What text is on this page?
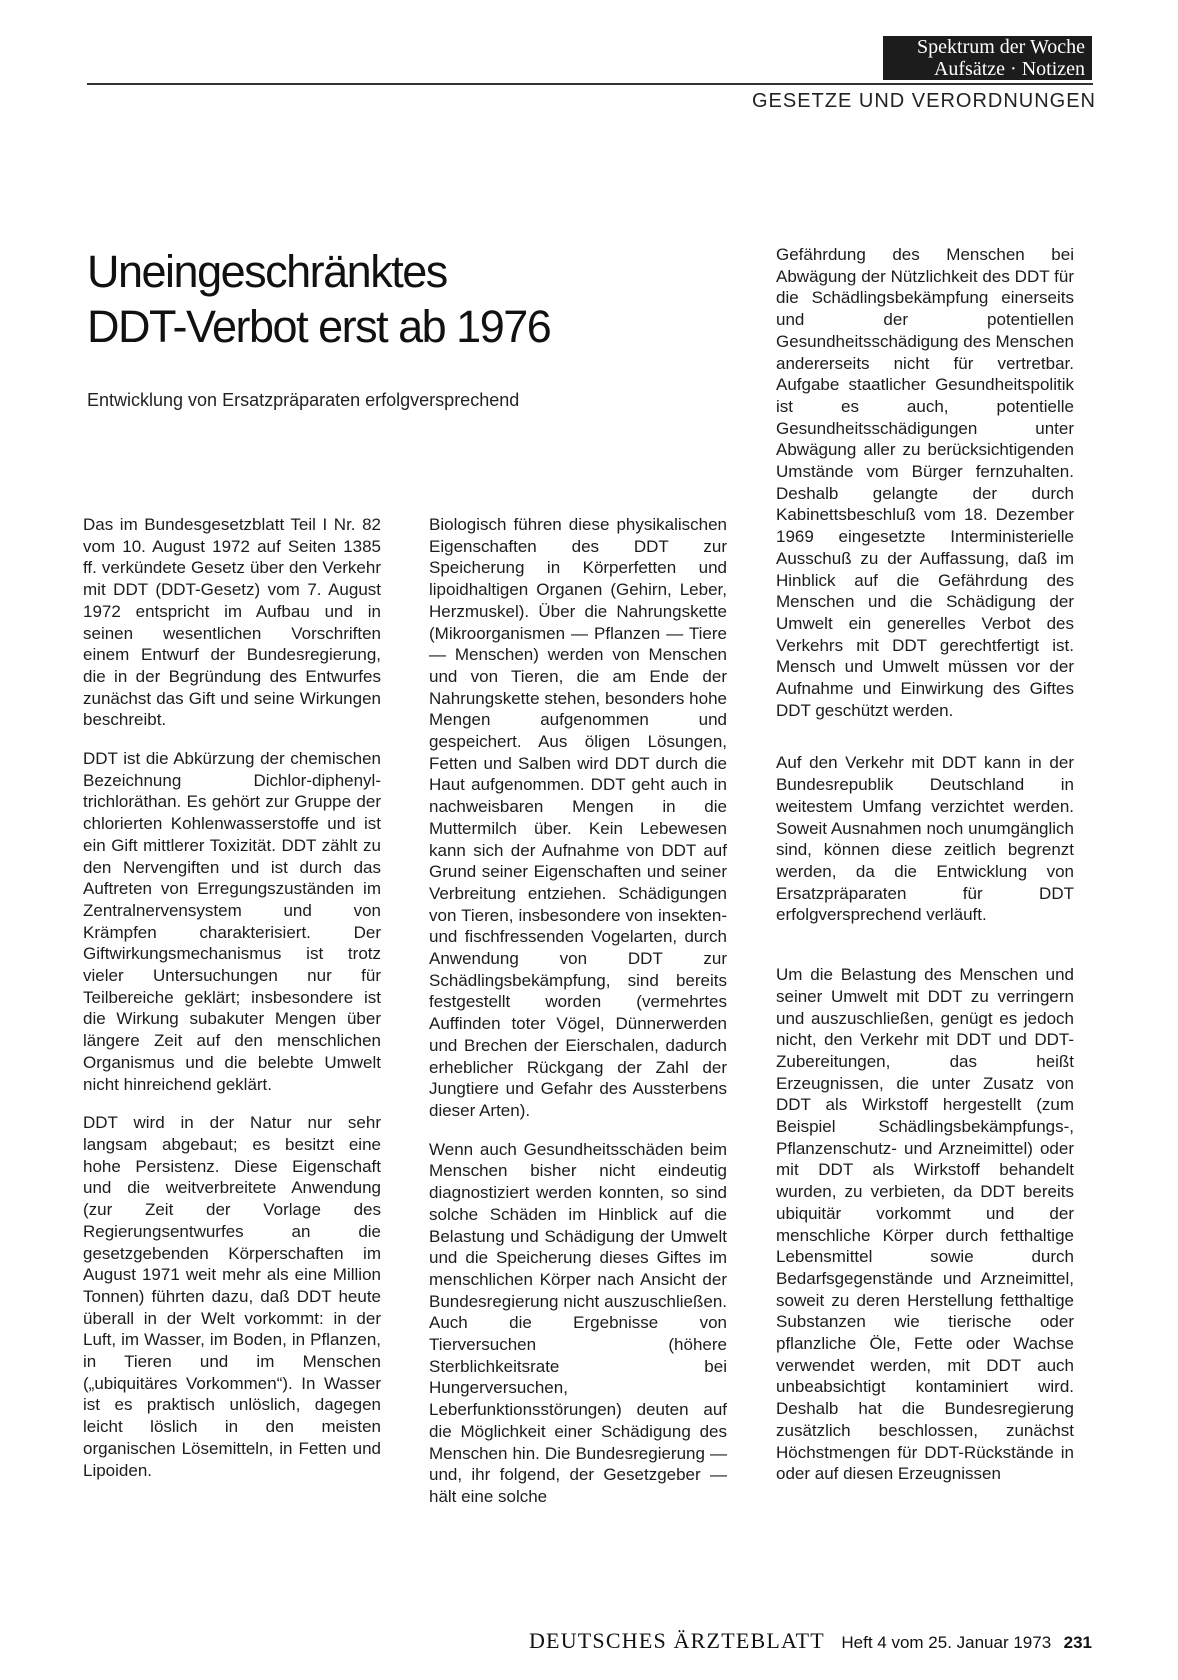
Spektrum der Woche
Aufsätze · Notizen
GESETZE UND VERORDNUNGEN
Uneingeschränktes
DDT-Verbot erst ab 1976
Entwicklung von Ersatzpräparaten erfolgversprechend

Das im Bundesgesetzblatt Teil I Nr. 82 vom 10. August 1972 auf Seiten 1385 ff. verkündete Gesetz über den Verkehr mit DDT (DDT-Gesetz) vom 7. August 1972 entspricht im Aufbau und in seinen wesentlichen Vorschriften einem Entwurf der Bundesregierung, die in der Begründung des Entwurfes zunächst das Gift und seine Wirkungen beschreibt.

DDT ist die Abkürzung der chemischen Bezeichnung Dichlor-diphenyl-trichloräthan. Es gehört zur Gruppe der chlorierten Kohlenwasserstoffe und ist ein Gift mittlerer Toxizität. DDT zählt zu den Nervengiften und ist durch das Auftreten von Erregungszuständen im Zentralnervensystem und von Krämpfen charakterisiert. Der Giftwirkungsmechanismus ist trotz vieler Untersuchungen nur für Teilbereiche geklärt; insbesondere ist die Wirkung subakuter Mengen über längere Zeit auf den menschlichen Organismus und die belebte Umwelt nicht hinreichend geklärt.

DDT wird in der Natur nur sehr langsam abgebaut; es besitzt eine hohe Persistenz. Diese Eigenschaft und die weitverbreitete Anwendung (zur Zeit der Vorlage des Regierungsentwurfes an die gesetzgebenden Körperschaften im August 1971 weit mehr als eine Million Tonnen) führten dazu, daß DDT heute überall in der Welt vorkommt: in der Luft, im Wasser, im Boden, in Pflanzen, in Tieren und im Menschen („ubiquitäres Vorkommen“). In Wasser ist es praktisch unlöslich, dagegen leicht löslich in den meisten organischen Lösemitteln, in Fetten und Lipoiden.

Biologisch führen diese physikalischen Eigenschaften des DDT zur Speicherung in Körperfetten und lipoidhaltigen Organen (Gehirn, Leber, Herzmuskel). Über die Nahrungskette (Mikroorganismen — Pflanzen — Tiere — Menschen) werden von Menschen und von Tieren, die am Ende der Nahrungskette stehen, besonders hohe Mengen aufgenommen und gespeichert. Aus öligen Lösungen, Fetten und Salben wird DDT durch die Haut aufgenommen. DDT geht auch in nachweisbaren Mengen in die Muttermilch über. Kein Lebewesen kann sich der Aufnahme von DDT auf Grund seiner Eigenschaften und seiner Verbreitung entziehen. Schädigungen von Tieren, insbesondere von insekten- und fischfressenden Vogelarten, durch Anwendung von DDT zur Schädlingsbekämpfung, sind bereits festgestellt worden (vermehrtes Auffinden toter Vögel, Dünnerwerden und Brechen der Eierschalen, dadurch erheblicher Rückgang der Zahl der Jungtiere und Gefahr des Aussterbens dieser Arten).

Wenn auch Gesundheitsschäden beim Menschen bisher nicht eindeutig diagnostiziert werden konnten, so sind solche Schäden im Hinblick auf die Belastung und Schädigung der Umwelt und die Speicherung dieses Giftes im menschlichen Körper nach Ansicht der Bundesregierung nicht auszuschließen. Auch die Ergebnisse von Tierversuchen (höhere Sterblichkeitsrate bei Hungerversuchen, Leberfunktionsstörungen) deuten auf die Möglichkeit einer Schädigung des Menschen hin. Die Bundesregierung — und, ihr folgend, der Gesetzgeber — hält eine solche

Gefährdung des Menschen bei Abwägung der Nützlichkeit des DDT für die Schädlingsbekämpfung einerseits und der potentiellen Gesundheitsschädigung des Menschen andererseits nicht für vertretbar. Aufgabe staatlicher Gesundheitspolitik ist es auch, potentielle Gesundheitsschädigungen unter Abwägung aller zu berücksichtigenden Umstände vom Bürger fernzuhalten. Deshalb gelangte der durch Kabinettsbeschluß vom 18. Dezember 1969 eingesetzte Interministerielle Ausschuß zu der Auffassung, daß im Hinblick auf die Gefährdung des Menschen und die Schädigung der Umwelt ein generelles Verbot des Verkehrs mit DDT gerechtfertigt ist. Mensch und Umwelt müssen vor der Aufnahme und Einwirkung des Giftes DDT geschützt werden.

Auf den Verkehr mit DDT kann in der Bundesrepublik Deutschland in weitestem Umfang verzichtet werden. Soweit Ausnahmen noch unumgänglich sind, können diese zeitlich begrenzt werden, da die Entwicklung von Ersatzpräparaten für DDT erfolgversprechend verläuft.

Um die Belastung des Menschen und seiner Umwelt mit DDT zu verringern und auszuschließen, genügt es jedoch nicht, den Verkehr mit DDT und DDT-Zubereitungen, das heißt Erzeugnissen, die unter Zusatz von DDT als Wirkstoff hergestellt (zum Beispiel Schädlingsbekämpfungs-, Pflanzenschutz- und Arzneimittel) oder mit DDT als Wirkstoff behandelt wurden, zu verbieten, da DDT bereits ubiquitär vorkommt und der menschliche Körper durch fetthaltige Lebensmittel sowie durch Bedarfsgegenstände und Arzneimittel, soweit zu deren Herstellung fetthaltige Substanzen wie tierische oder pflanzliche Öle, Fette oder Wachse verwendet werden, mit DDT auch unbeabsichtigt kontaminiert wird. Deshalb hat die Bundesregierung zusätzlich beschlossen, zunächst Höchstmengen für DDT-Rückstände in oder auf diesen Erzeugnissen

DEUTSCHES ÄRZTEBLATT Heft 4 vom 25. Januar 1973 231
